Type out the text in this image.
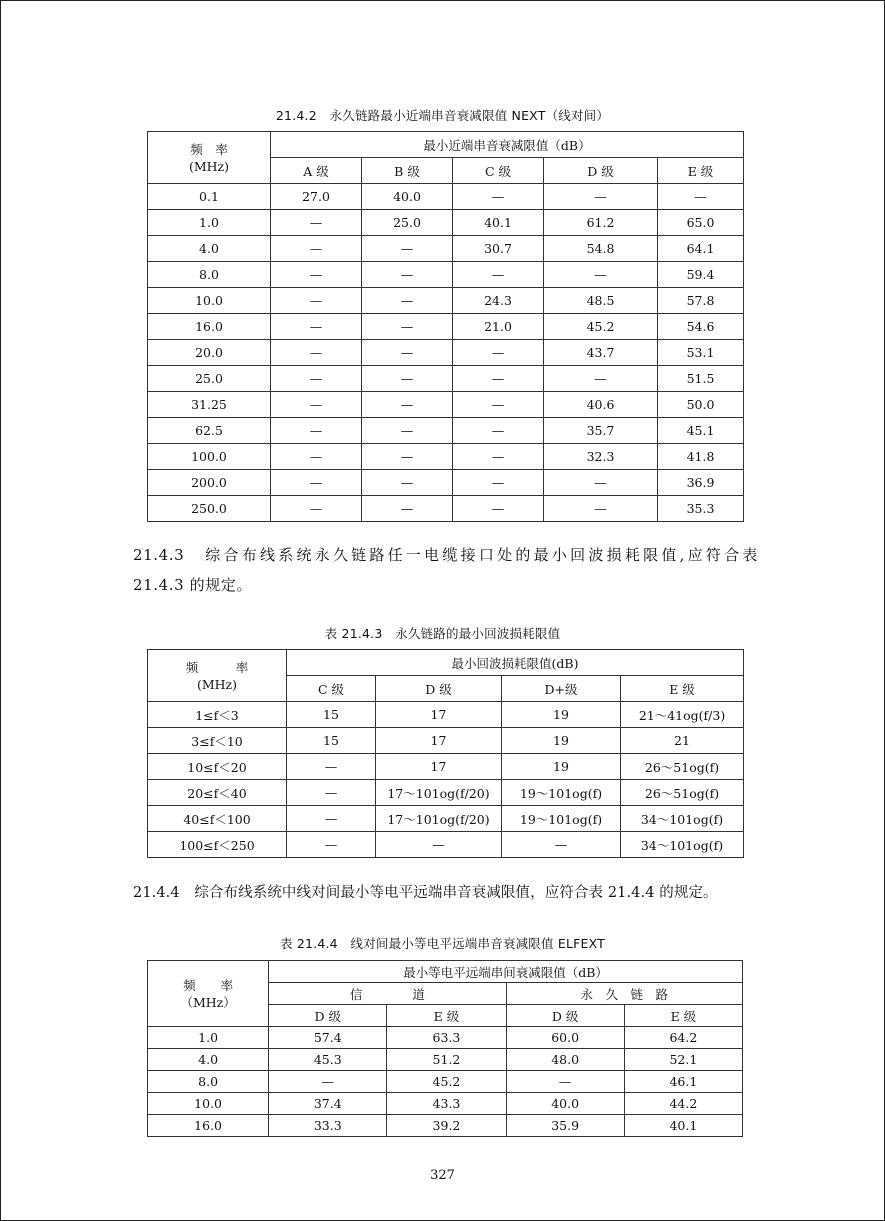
21.4.2　永久链路最小近端串音衰减限值 NEXT（线对间）
频　率
(MHz)	最小近端串音衰减限值（dB）				
	A 级	B 级	C 级	D 级	E 级
0.1	27.0	40.0	—	—	—
1.0	—	25.0	40.1	61.2	65.0
4.0	—	—	30.7	54.8	64.1
8.0	—	—	—	—	59.4
10.0	—	—	24.3	48.5	57.8
16.0	—	—	21.0	45.2	54.6
20.0	—	—	—	43.7	53.1
25.0	—	—	—	—	51.5
31.25	—	—	—	40.6	50.0
62.5	—	—	—	35.7	45.1
100.0	—	—	—	32.3	41.8
200.0	—	—	—	—	36.9
250.0	—	—	—	—	35.3
21.4.3　综合布线系统永久链路任一电缆接口处的最小回波损耗限值,应符合表
21.4.3 的规定。
表 21.4.3　永久链路的最小回波损耗限值
频　　　率
(MHz)	最小回波损耗限值(dB)			
	C 级	D 级	D+级	E 级
1≤f＜3	15	17	19	21～41og(f/3)
3≤f＜10	15	17	19	21
10≤f＜20	—	17	19	26～51og(f)
20≤f＜40	—	17～101og(f/20)	19～101og(f)	26～51og(f)
40≤f＜100	—	17～101og(f/20)	19～101og(f)	34～101og(f)
100≤f＜250	—	—	—	34～101og(f)
21.4.4　综合布线系统中线对间最小等电平远端串音衰减限值，应符合表 21.4.4 的规定。
表 21.4.4　线对间最小等电平远端串音衰减限值 ELFEXT
频　　率
（MHz）	最小等电平远端串间衰减限值（dB）			
	信　　　　道		永　久　链　路	
	D 级	E 级	D 级	E 级
1.0	57.4	63.3	60.0	64.2
4.0	45.3	51.2	48.0	52.1
8.0	—	45.2	—	46.1
10.0	37.4	43.3	40.0	44.2
16.0	33.3	39.2	35.9	40.1
327
